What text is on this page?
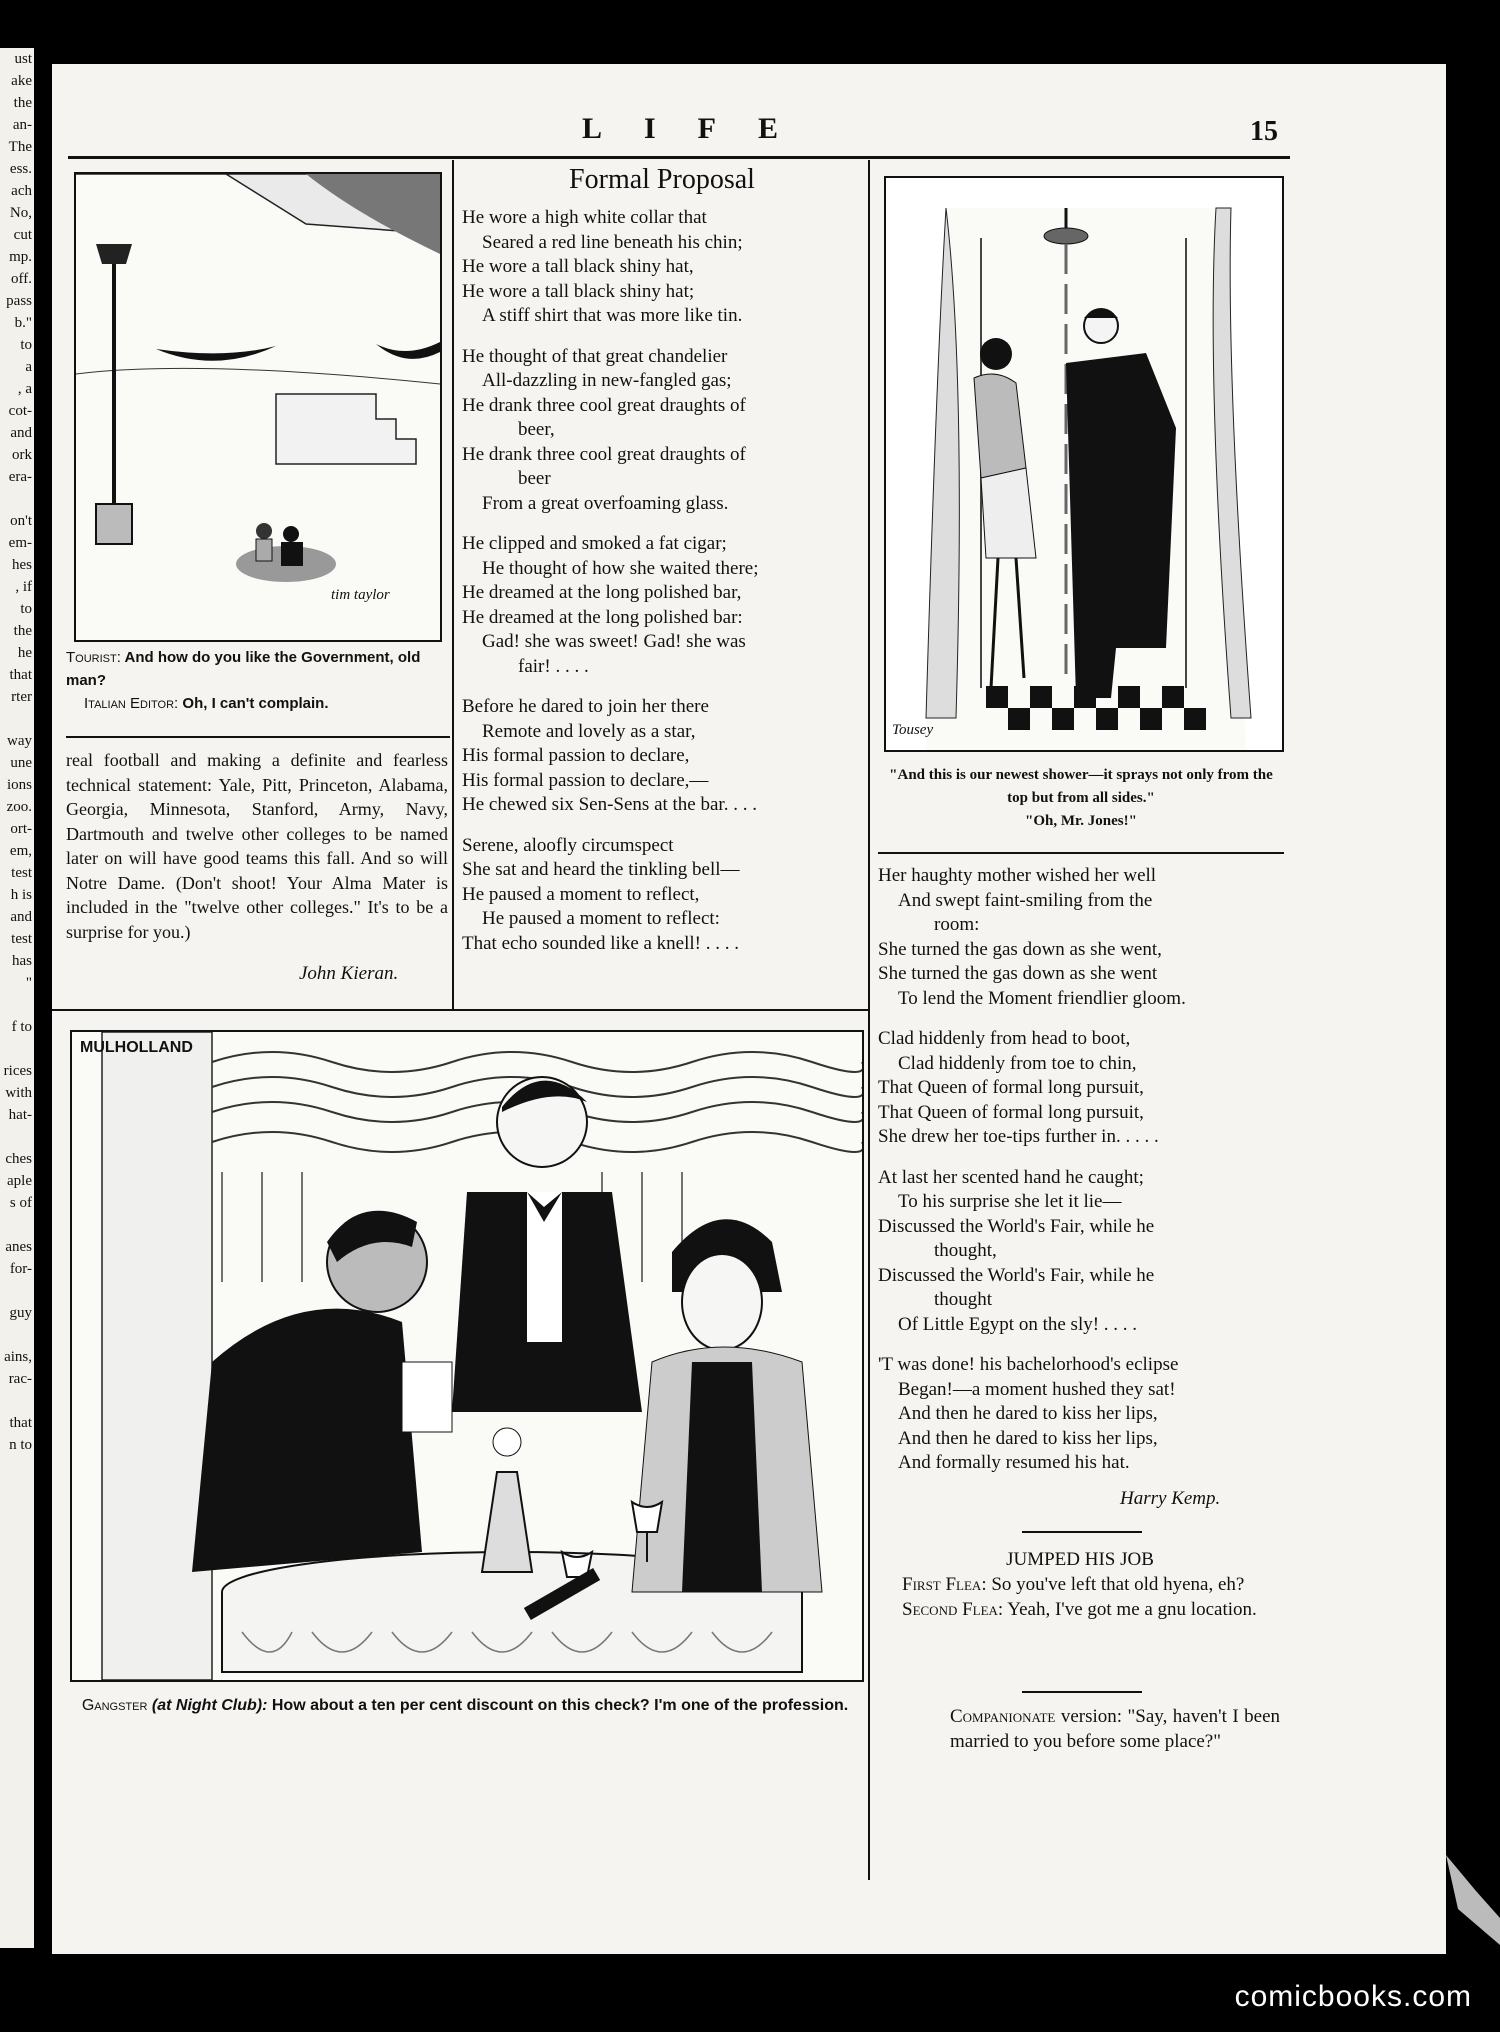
ust
ake
the
an-
The
ess.
ach
No,
cut
mp.
off.
pass
b."
to
a
, a
cot-
and
ork
era-

on't
em-
hes
, if
to
the
he
that
rter

way
une
ions
zoo.
ort-
em,
test
h is
and
test
has
"

f to

rices
with
hat-

ches
aple
s of

anes
for-

guy

ains,
rac-

that
n to
LIFE	15
tim taylor
Tourist: And how do you like the Government, old man?
Italian Editor: Oh, I can't complain.

real football and making a definite and fearless technical statement: Yale, Pitt, Princeton, Alabama, Georgia, Minnesota, Stanford, Army, Navy, Dartmouth and twelve other colleges to be named later on will have good teams this fall. And so will Notre Dame. (Don't shoot! Your Alma Mater is included in the "twelve other colleges." It's to be a surprise for you.)

John Kieran.
Formal Proposal

He wore a high white collar that

Seared a red line beneath his chin;

He wore a tall black shiny hat,

He wore a tall black shiny hat;

A stiff shirt that was more like tin.

He thought of that great chandelier

All-dazzling in new-fangled gas;

He drank three cool great draughts of

beer,

He drank three cool great draughts of

beer

From a great overfoaming glass.

He clipped and smoked a fat cigar;

He thought of how she waited there;

He dreamed at the long polished bar,

He dreamed at the long polished bar:

Gad! she was sweet! Gad! she was

fair! . . . .

Before he dared to join her there

Remote and lovely as a star,

His formal passion to declare,

His formal passion to declare,—

He chewed six Sen-Sens at the bar. . . .

Serene, aloofly circumspect

She sat and heard the tinkling bell—

He paused a moment to reflect,

He paused a moment to reflect:

That echo sounded like a knell! . . . .

Her haughty mother wished her well

And swept faint-smiling from the

room:

She turned the gas down as she went,

She turned the gas down as she went

To lend the Moment friendlier gloom.

Clad hiddenly from head to boot,

Clad hiddenly from toe to chin,

That Queen of formal long pursuit,

That Queen of formal long pursuit,

She drew her toe-tips further in. . . . .

At last her scented hand he caught;

To his surprise she let it lie—

Discussed the World's Fair, while he

thought,

Discussed the World's Fair, while he

thought

Of Little Egypt on the sly! . . . .

'T was done! his bachelorhood's eclipse

Began!—a moment hushed they sat!

And then he dared to kiss her lips,

And then he dared to kiss her lips,

And formally resumed his hat.

Harry Kemp.
Tousey
"And this is our newest shower—it sprays not only from the top but from all sides."
"Oh, Mr. Jones!"
MULHOLLAND
Gangster (at Night Club): How about a ten per cent discount on this check? I'm one of the profession.
JUMPED HIS JOB

First Flea: So you've left that old hyena, eh?

Second Flea: Yeah, I've got me a gnu location.

Companionate version: "Say, haven't I been married to you before some place?"

comicbooks.com
